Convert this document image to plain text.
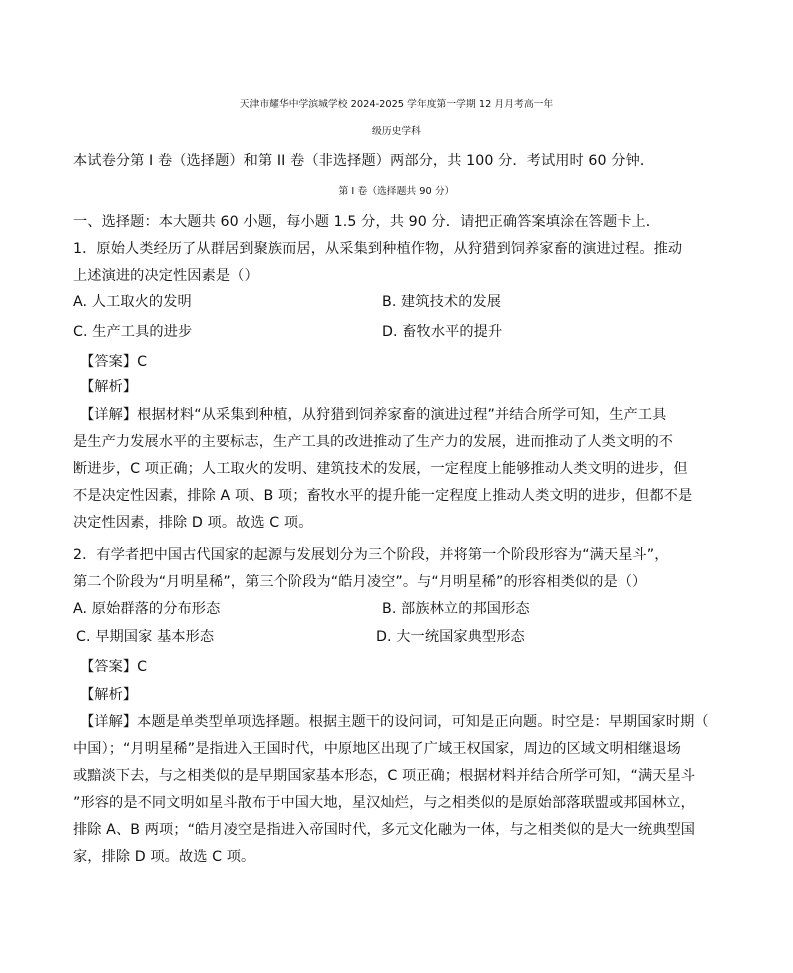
天津市耀华中学滨城学校 2024-2025 学年度第一学期 12 月月考高一年
级历史学科
本试卷分第 I 卷（选择题）和第 II 卷（非选择题）两部分，共 100 分．考试用时 60 分钟．
第 I 卷（选择题共 90 分）
一、选择题：本大题共 60 小题，每小题 1.5 分，共 90 分．请把正确答案填涂在答题卡上．
1．原始人类经历了从群居到聚族而居，从采集到种植作物，从狩猎到饲养家畜的演进过程。推动
上述演进的决定性因素是（）
A. 人工取火的发明	B. 建筑技术的发展
C. 生产工具的进步	D. 畜牧水平的提升
【答案】C
【解析】
【详解】根据材料“从采集到种植，从狩猎到饲养家畜的演进过程”并结合所学可知，生产工具
是生产力发展水平的主要标志，生产工具的改进推动了生产力的发展，进而推动了人类文明的不
断进步，C 项正确；人工取火的发明、建筑技术的发展，一定程度上能够推动人类文明的进步，但
不是决定性因素，排除 A 项、B 项；畜牧水平的提升能一定程度上推动人类文明的进步，但都不是
决定性因素，排除 D 项。故选 C 项。
2．有学者把中国古代国家的起源与发展划分为三个阶段，并将第一个阶段形容为“满天星斗”，
第二个阶段为“月明星稀”，第三个阶段为“皓月凌空”。与“月明星稀”的形容相类似的是（）
A. 原始群落的分布形态	B. 部族林立的邦国形态
C. 早期国家 基本形态	D. 大一统国家典型形态
【答案】C
【解析】
【详解】本题是单类型单项选择题。根据主题干的设问词，可知是正向题。时空是：早期国家时期（
中国）；“月明星稀”是指进入王国时代，中原地区出现了广域王权国家，周边的区域文明相继退场
或黯淡下去，与之相类似的是早期国家基本形态，C 项正确；根据材料并结合所学可知，“满天星斗
”形容的是不同文明如星斗散布于中国大地，星汉灿烂，与之相类似的是原始部落联盟或邦国林立，
排除 A、B 两项；“皓月凌空是指进入帝国时代，多元文化融为一体，与之相类似的是大一统典型国
家，排除 D 项。故选 C 项。
